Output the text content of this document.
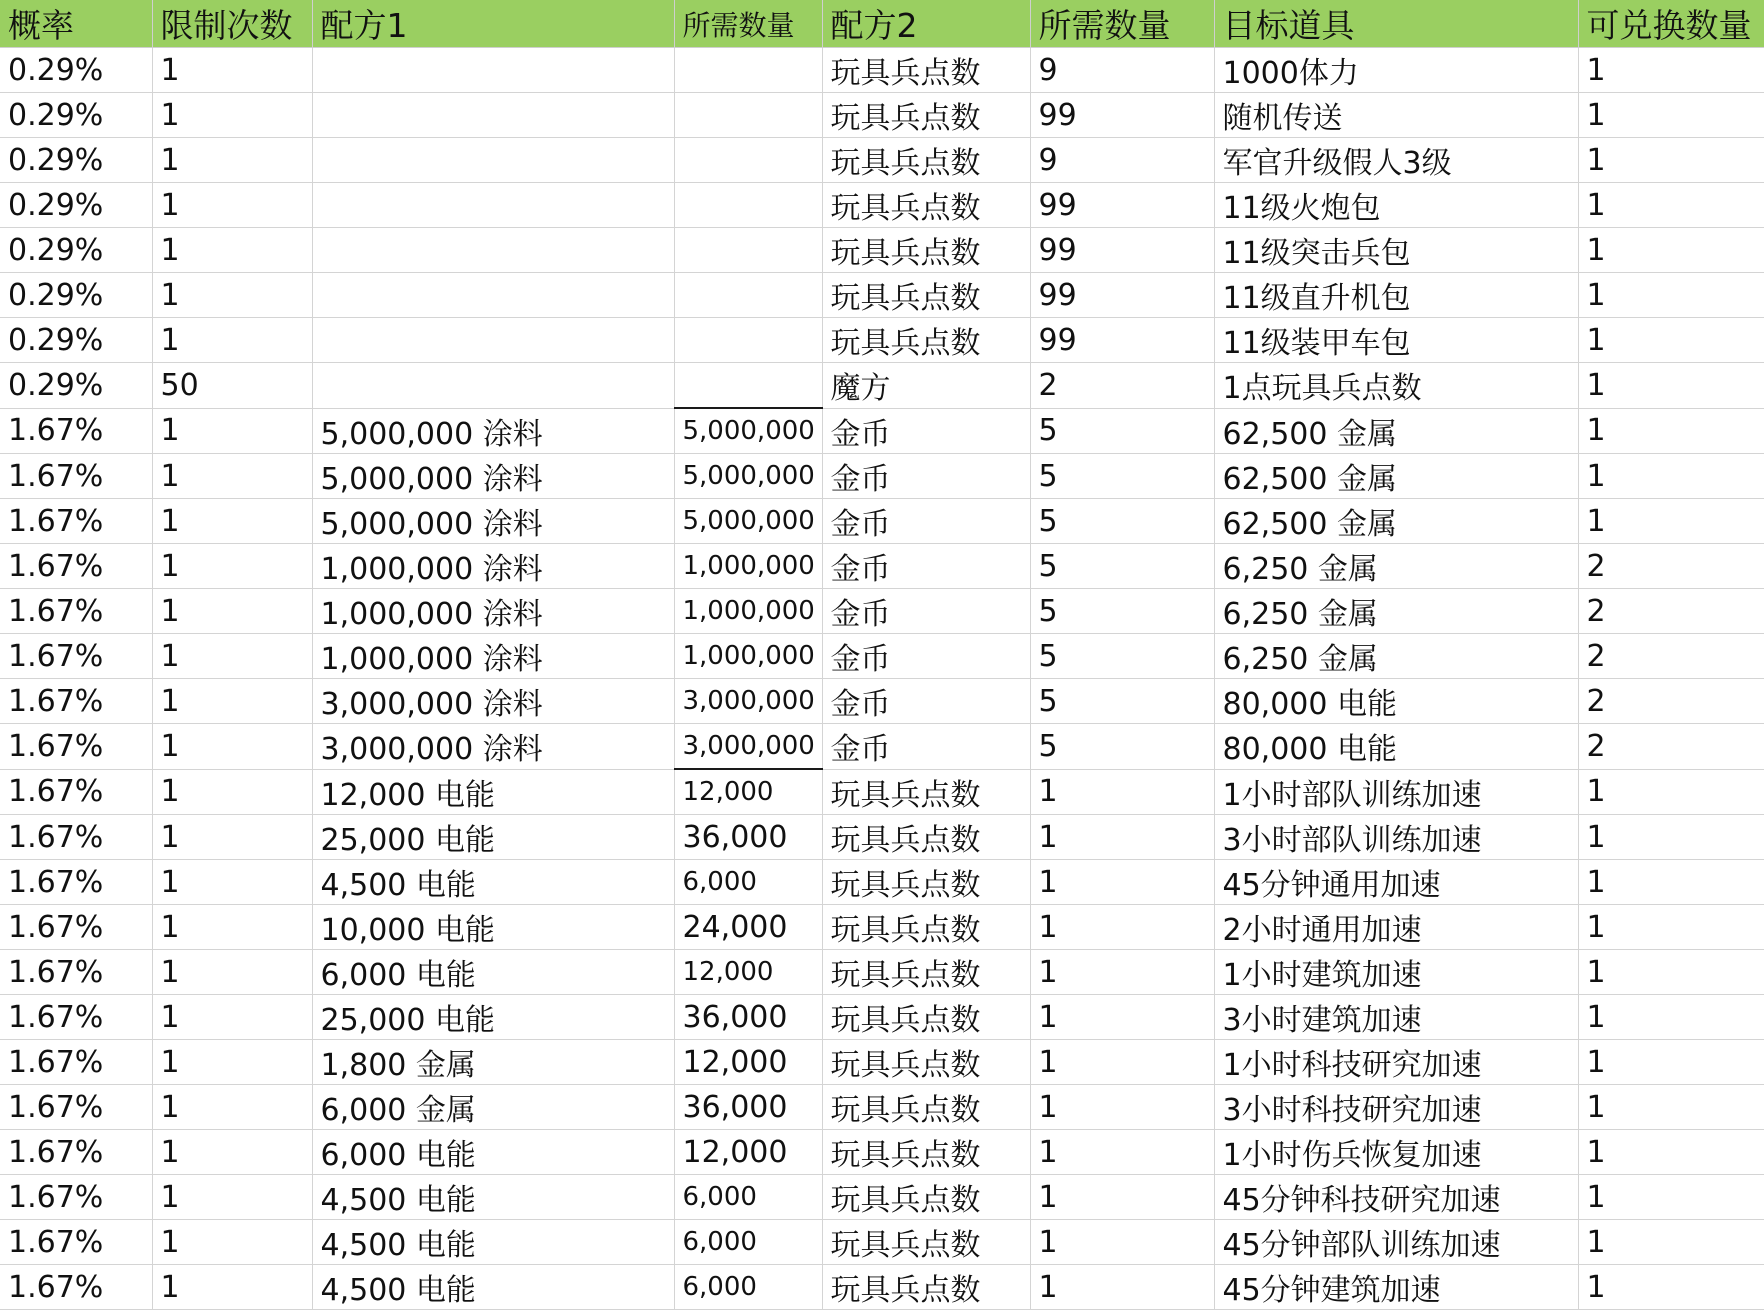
概率	限制次数	配方1	所需数量	配方2	所需数量	目标道具	可兑换数量
0.29%	1			玩具兵点数	9	1000体力	1
0.29%	1			玩具兵点数	99	随机传送	1
0.29%	1			玩具兵点数	9	军官升级假人3级	1
0.29%	1			玩具兵点数	99	11级火炮包	1
0.29%	1			玩具兵点数	99	11级突击兵包	1
0.29%	1			玩具兵点数	99	11级直升机包	1
0.29%	1			玩具兵点数	99	11级装甲车包	1
0.29%	50			魔方	2	1点玩具兵点数	1
1.67%	1	5,000,000 涂料	5,000,000	金币	5	62,500 金属	1
1.67%	1	5,000,000 涂料	5,000,000	金币	5	62,500 金属	1
1.67%	1	5,000,000 涂料	5,000,000	金币	5	62,500 金属	1
1.67%	1	1,000,000 涂料	1,000,000	金币	5	6,250 金属	2
1.67%	1	1,000,000 涂料	1,000,000	金币	5	6,250 金属	2
1.67%	1	1,000,000 涂料	1,000,000	金币	5	6,250 金属	2
1.67%	1	3,000,000 涂料	3,000,000	金币	5	80,000 电能	2
1.67%	1	3,000,000 涂料	3,000,000	金币	5	80,000 电能	2
1.67%	1	12,000 电能	12,000	玩具兵点数	1	1小时部队训练加速	1
1.67%	1	25,000 电能	36,000	玩具兵点数	1	3小时部队训练加速	1
1.67%	1	4,500 电能	6,000	玩具兵点数	1	45分钟通用加速	1
1.67%	1	10,000 电能	24,000	玩具兵点数	1	2小时通用加速	1
1.67%	1	6,000 电能	12,000	玩具兵点数	1	1小时建筑加速	1
1.67%	1	25,000 电能	36,000	玩具兵点数	1	3小时建筑加速	1
1.67%	1	1,800 金属	12,000	玩具兵点数	1	1小时科技研究加速	1
1.67%	1	6,000 金属	36,000	玩具兵点数	1	3小时科技研究加速	1
1.67%	1	6,000 电能	12,000	玩具兵点数	1	1小时伤兵恢复加速	1
1.67%	1	4,500 电能	6,000	玩具兵点数	1	45分钟科技研究加速	1
1.67%	1	4,500 电能	6,000	玩具兵点数	1	45分钟部队训练加速	1
1.67%	1	4,500 电能	6,000	玩具兵点数	1	45分钟建筑加速	1
